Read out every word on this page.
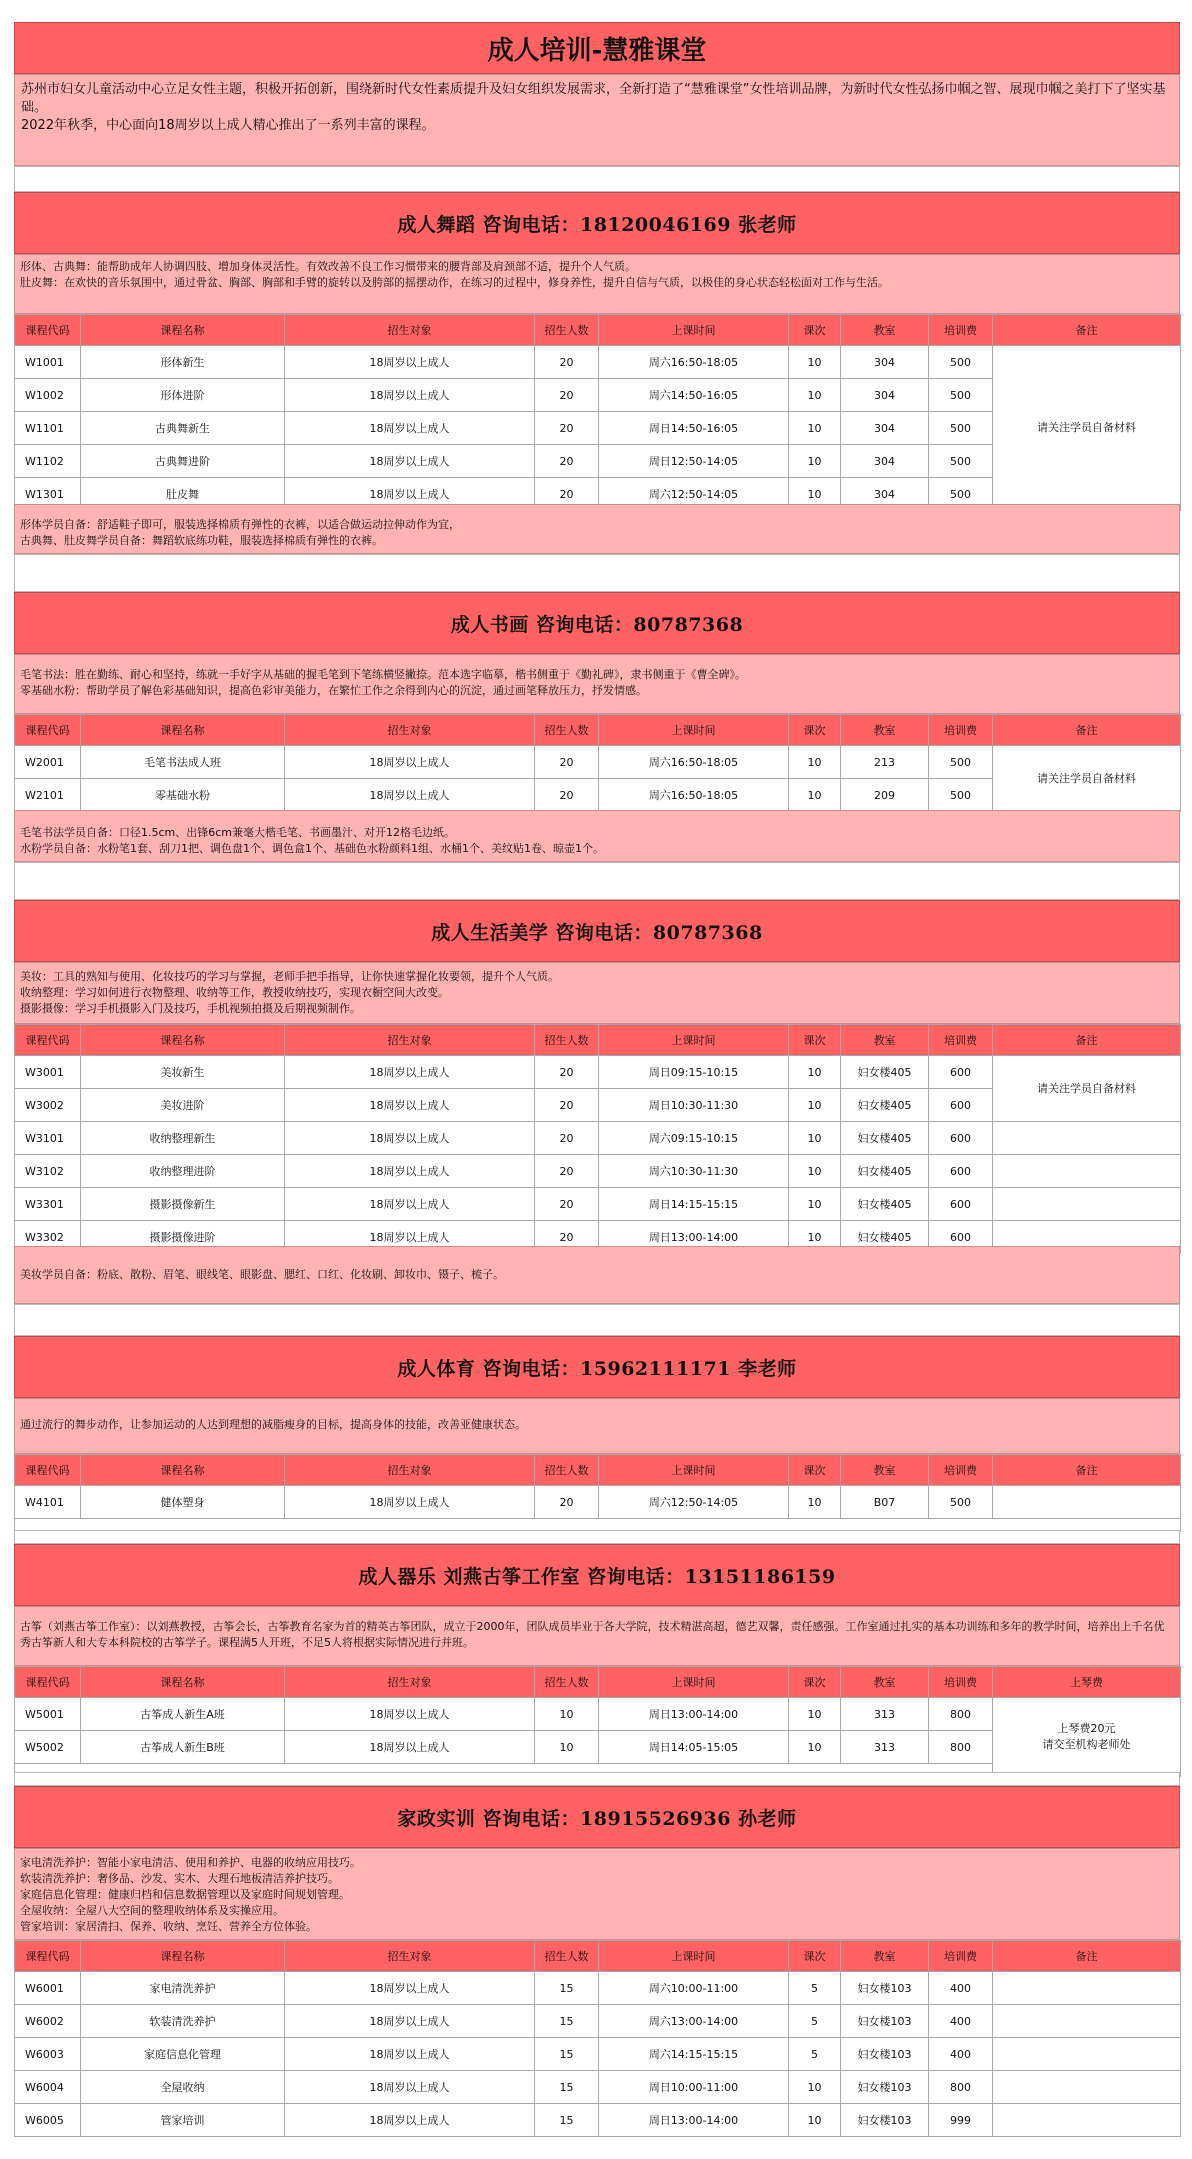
成人培训-慧雅课堂
苏州市妇女儿童活动中心立足女性主题，积极开拓创新，围绕新时代女性素质提升及妇女组织发展需求，全新打造了“慧雅课堂”女性培训品牌，为新时代女性弘扬巾帼之智、展现巾帼之美打下了坚实基础。
2022年秋季，中心面向18周岁以上成人精心推出了一系列丰富的课程。
成人舞蹈 咨询电话：18120046169 张老师
形体、古典舞：能帮助成年人协调四肢、增加身体灵活性。有效改善不良工作习惯带来的腰背部及肩颈部不适，提升个人气质。
肚皮舞：在欢快的音乐氛围中，通过骨盆、胸部、胸部和手臂的旋转以及胯部的摇摆动作，在练习的过程中，修身养性，提升自信与气质，以极佳的身心状态轻松面对工作与生活。
课程代码	课程名称	招生对象	招生人数	上课时间	课次	教室	培训费	备注
W1001	形体新生	18周岁以上成人	20	周六16:50-18:05	10	304	500	请关注学员自备材料
W1002	形体进阶	18周岁以上成人	20	周六14:50-16:05	10	304	500	
W1101	古典舞新生	18周岁以上成人	20	周日14:50-16:05	10	304	500	
W1102	古典舞进阶	18周岁以上成人	20	周日12:50-14:05	10	304	500	
W1301	肚皮舞	18周岁以上成人	20	周六12:50-14:05	10	304	500	
形体学员自备：舒适鞋子即可，服装选择棉质有弹性的衣裤，以适合做运动拉伸动作为宜，
古典舞、肚皮舞学员自备：舞蹈软底练功鞋，服装选择棉质有弹性的衣裤。
成人书画 咨询电话：80787368
毛笔书法：胜在勤练、耐心和坚持，练就一手好字从基础的握毛笔到下笔练横竖撇捺。范本选字临摹，楷书侧重于《勤礼碑》，隶书侧重于《曹全碑》。
零基础水粉：帮助学员了解色彩基础知识，提高色彩审美能力，在繁忙工作之余得到内心的沉淀，通过画笔释放压力，抒发情感。
课程代码	课程名称	招生对象	招生人数	上课时间	课次	教室	培训费	备注
W2001	毛笔书法成人班	18周岁以上成人	20	周六16:50-18:05	10	213	500	请关注学员自备材料
W2101	零基础水粉	18周岁以上成人	20	周六16:50-18:05	10	209	500	
毛笔书法学员自备：口径1.5cm、出锋6cm兼毫大楷毛笔、书画墨汁、对开12格毛边纸。
水粉学员自备：水粉笔1套、刮刀1把、调色盘1个、调色盒1个、基础色水粉颜料1组、水桶1个、美纹贴1卷、晾壶1个。
成人生活美学 咨询电话：80787368
美妆：工具的熟知与使用、化妆技巧的学习与掌握，老师手把手指导，让你快速掌握化妆要领，提升个人气质。
收纳整理：学习如何进行衣物整理、收纳等工作，教授收纳技巧，实现衣橱空间大改变。
摄影摄像：学习手机摄影入门及技巧，手机视频拍摄及后期视频制作。
课程代码	课程名称	招生对象	招生人数	上课时间	课次	教室	培训费	备注
W3001	美妆新生	18周岁以上成人	20	周日09:15-10:15	10	妇女楼405	600	请关注学员自备材料
W3002	美妆进阶	18周岁以上成人	20	周日10:30-11:30	10	妇女楼405	600	
W3101	收纳整理新生	18周岁以上成人	20	周六09:15-10:15	10	妇女楼405	600	
W3102	收纳整理进阶	18周岁以上成人	20	周六10:30-11:30	10	妇女楼405	600	
W3301	摄影摄像新生	18周岁以上成人	20	周日14:15-15:15	10	妇女楼405	600	
W3302	摄影摄像进阶	18周岁以上成人	20	周日13:00-14:00	10	妇女楼405	600	
美妆学员自备：粉底、散粉、眉笔、眼线笔、眼影盘、腮红、口红、化妆刷、卸妆巾、镊子、梳子。
成人体育 咨询电话：15962111171 李老师
通过流行的舞步动作，让参加运动的人达到理想的减脂瘦身的目标，提高身体的技能，改善亚健康状态。
课程代码	课程名称	招生对象	招生人数	上课时间	课次	教室	培训费	备注
W4101	健体塑身	18周岁以上成人	20	周六12:50-14:05	10	B07	500	

成人器乐 刘燕古筝工作室 咨询电话：13151186159
古筝（刘燕古筝工作室）：以刘燕教授，古筝会长，古筝教育名家为首的精英古筝团队，成立于2000年，团队成员毕业于各大学院，技术精湛高超，德艺双馨，责任感强。工作室通过扎实的基本功训练和多年的教学时间，培养出上千名优秀古筝新人和大专本科院校的古筝学子。课程满5人开班，不足5人将根据实际情况进行并班。
课程代码	课程名称	招生对象	招生人数	上课时间	课次	教室	培训费	上琴费
W5001	古筝成人新生A班	18周岁以上成人	10	周日13:00-14:00	10	313	800	上琴费20元
请交至机构老师处

W5002	古筝成人新生B班	18周岁以上成人	10	周日14:05-15:05	10	313	800	

家政实训 咨询电话：18915526936 孙老师
家电清洗养护：智能小家电清洁、使用和养护、电器的收纳应用技巧。
软装清洗养护：奢侈品、沙发、实木、大理石地板清洁养护技巧。
家庭信息化管理：健康归档和信息数据管理以及家庭时间规划管理。
全屋收纳：全屋八大空间的整理收纳体系及实操应用。
管家培训：家居清扫、保养、收纳、烹饪、营养全方位体验。
课程代码	课程名称	招生对象	招生人数	上课时间	课次	教室	培训费	备注
W6001	家电清洗养护	18周岁以上成人	15	周六10:00-11:00	5	妇女楼103	400	
W6002	软装清洗养护	18周岁以上成人	15	周六13:00-14:00	5	妇女楼103	400	
W6003	家庭信息化管理	18周岁以上成人	15	周六14:15-15:15	5	妇女楼103	400	
W6004	全屋收纳	18周岁以上成人	15	周日10:00-11:00	10	妇女楼103	800	
W6005	管家培训	18周岁以上成人	15	周日13:00-14:00	10	妇女楼103	999	
